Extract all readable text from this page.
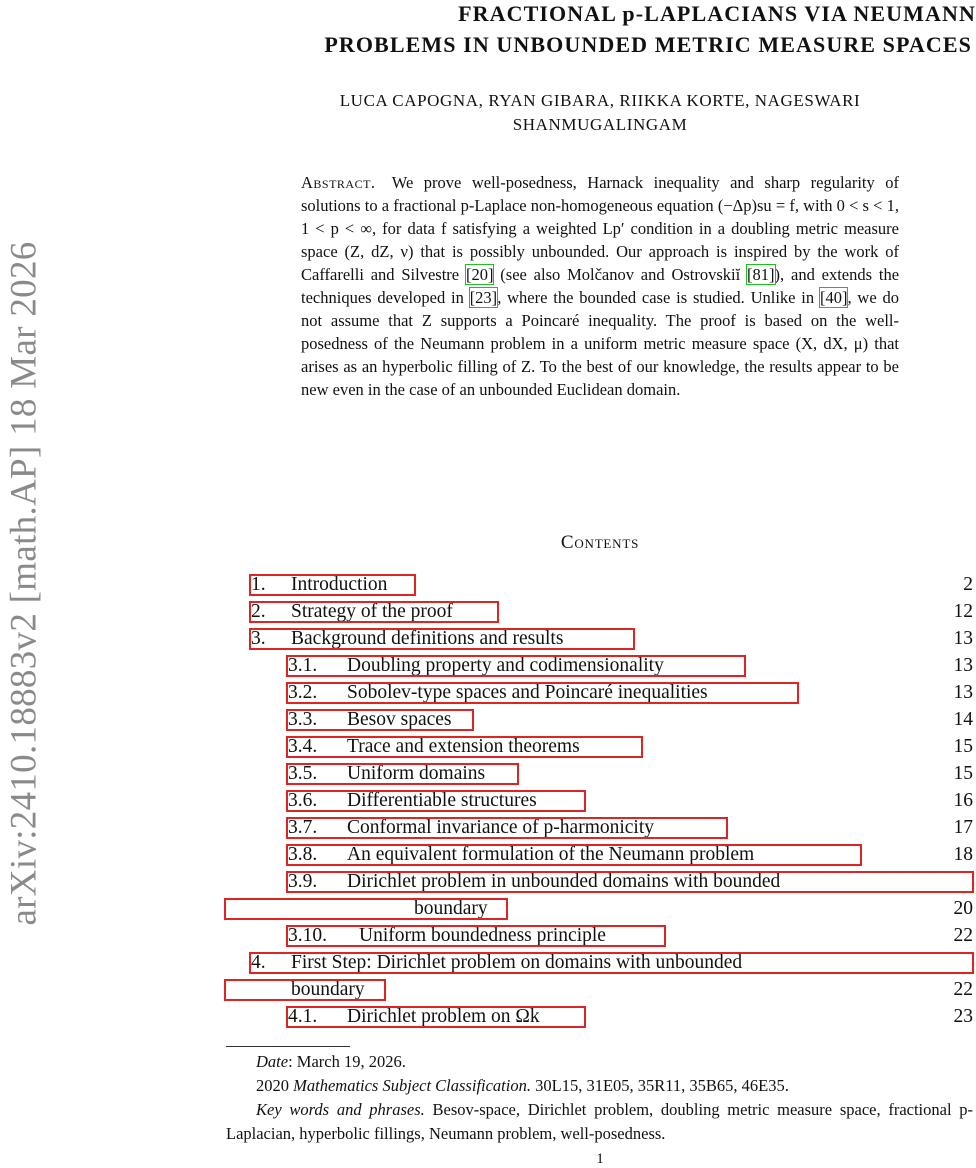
arXiv:2410.18883v2 [math.AP] 18 Mar 2026
FRACTIONAL p-LAPLACIANS VIA NEUMANN
PROBLEMS IN UNBOUNDED METRIC MEASURE SPACES
LUCA CAPOGNA, RYAN GIBARA, RIIKKA KORTE, NAGESWARI
SHANMUGALINGAM
Abstract. We prove well-posedness, Harnack inequality and sharp regularity of solutions to a fractional p-Laplace non-homogeneous equation (−Δp)su = f, with 0 < s < 1, 1 < p < ∞, for data f satisfying a weighted Lp′ condition in a doubling metric measure space (Z, dZ, ν) that is possibly unbounded. Our approach is inspired by the work of Caffarelli and Silvestre [20] (see also Molčanov and Ostrovskiĭ [81]), and extends the techniques developed in [23], where the bounded case is studied. Unlike in [40], we do not assume that Z supports a Poincaré inequality. The proof is based on the well-posedness of the Neumann problem in a uniform metric measure space (X, dX, μ) that arises as an hyperbolic filling of Z. To the best of our knowledge, the results appear to be new even in the case of an unbounded Euclidean domain.
Contents
1. Introduction	2
2. Strategy of the proof	12
3. Background definitions and results	13
3.1. Doubling property and codimensionality	13
3.2. Sobolev-type spaces and Poincaré inequalities	13
3.3. Besov spaces	14
3.4. Trace and extension theorems	15
3.5. Uniform domains	15
3.6. Differentiable structures	16
3.7. Conformal invariance of p-harmonicity	17
3.8. An equivalent formulation of the Neumann problem	18
3.9. Dirichlet problem in unbounded domains with bounded
boundary	20
3.10. Uniform boundedness principle	22
4. First Step: Dirichlet problem on domains with unbounded
boundary	22
4.1. Dirichlet problem on Ωk	23

Date: March 19, 2026.

2020 Mathematics Subject Classification. 30L15, 31E05, 35R11, 35B65, 46E35.

Key words and phrases. Besov-space, Dirichlet problem, doubling metric measure space, fractional p-Laplacian, hyperbolic fillings, Neumann problem, well-posedness.

1
